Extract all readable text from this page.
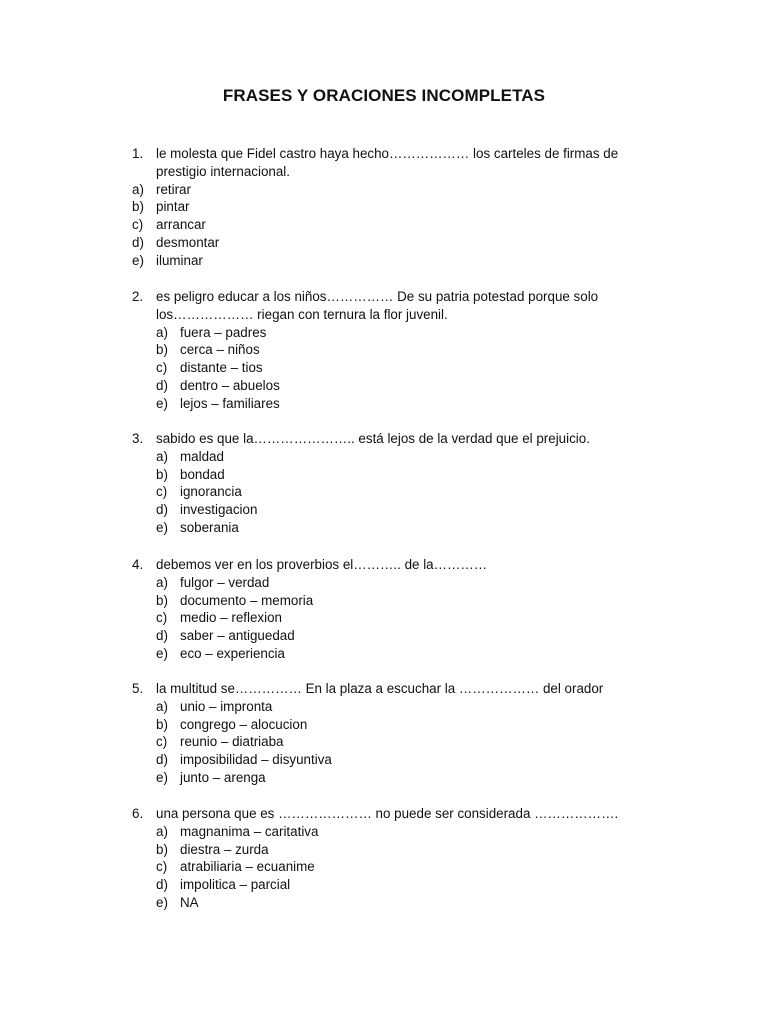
FRASES Y ORACIONES INCOMPLETAS
1. le molesta que Fidel castro haya hecho……………… los carteles de firmas de
prestigio internacional.
a) retirar
b) pintar
c) arrancar
d) desmontar
e) iluminar
2. es peligro educar a los niños…………… De su patria potestad porque solo
los……………… riegan con ternura la flor juvenil.
a) fuera – padres
b) cerca – niños
c) distante – tios
d) dentro – abuelos
e) lejos – familiares
3. sabido es que la………………….. está lejos de la verdad que el prejuicio.
a) maldad
b) bondad
c) ignorancia
d) investigacion
e) soberania
4. debemos ver en los proverbios el……….. de la…………
a) fulgor – verdad
b) documento – memoria
c) medio – reflexion
d) saber – antiguedad
e) eco – experiencia
5. la multitud se…………… En la plaza a escuchar la ……………… del orador
a) unio – impronta
b) congrego – alocucion
c) reunio – diatriaba
d) imposibilidad – disyuntiva
e) junto – arenga
6. una persona que es ………………… no puede ser considerada ……………….
a) magnanima – caritativa
b) diestra – zurda
c) atrabiliaria – ecuanime
d) impolitica – parcial
e) NA
